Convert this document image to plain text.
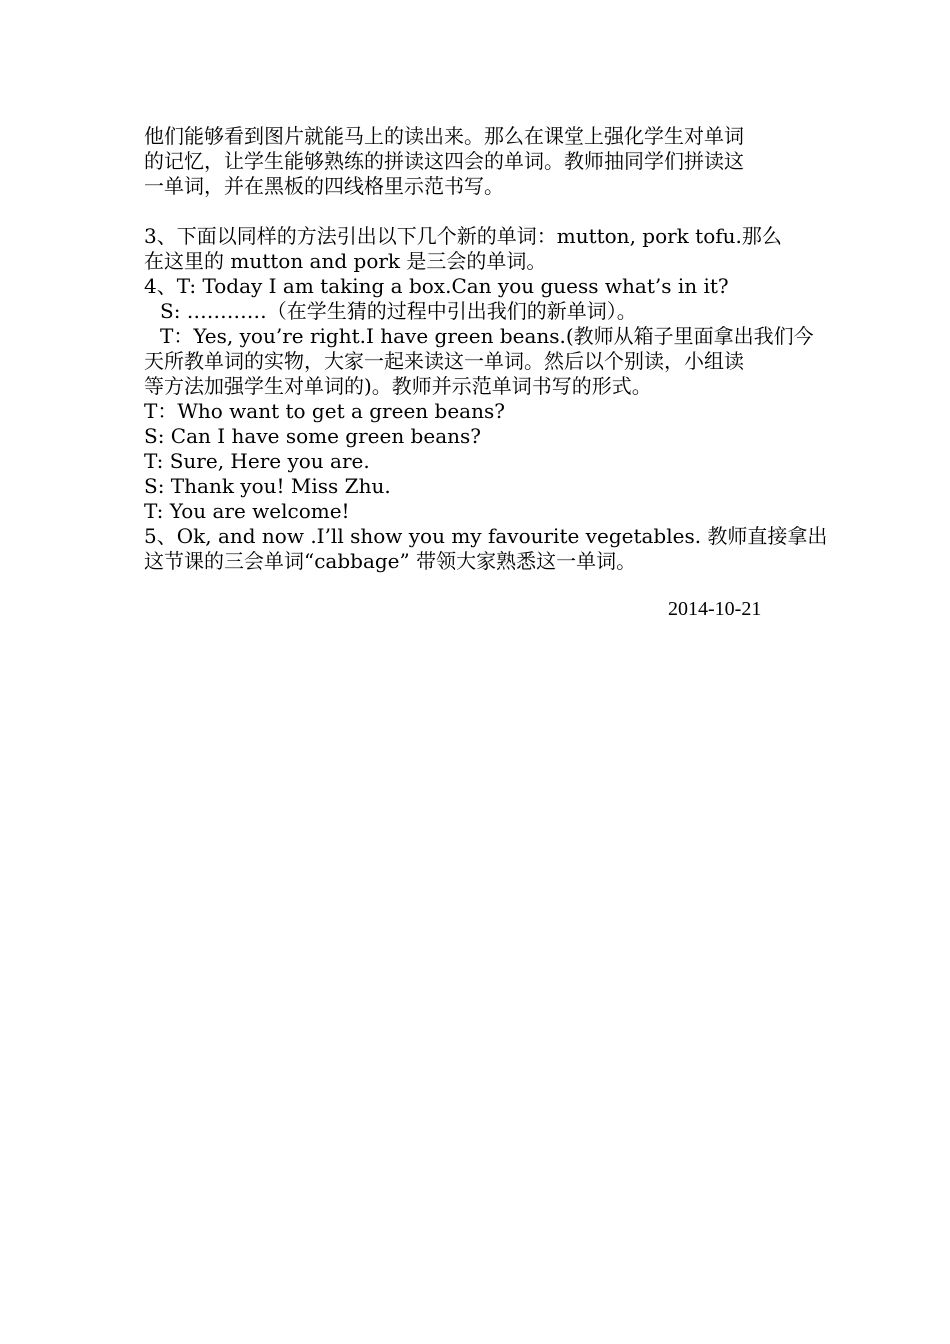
他们能够看到图片就能马上的读出来。那么在课堂上强化学生对单词
的记忆，让学生能够熟练的拼读这四会的单词。教师抽同学们拼读这
一单词，并在黑板的四线格里示范书写。
3、下面以同样的方法引出以下几个新的单词：mutton, pork tofu.那么
在这里的 mutton and pork 是三会的单词。
4、T: Today I am taking a box.Can you guess what’s in it?
S: …………（在学生猜的过程中引出我们的新单词）。
T：Yes, you’re right.I have green beans.(教师从箱子里面拿出我们今
天所教单词的实物，大家一起来读这一单词。然后以个别读，小组读
等方法加强学生对单词的)。教师并示范单词书写的形式。
T：Who want to get a green beans?
S: Can I have some green beans?
T: Sure, Here you are.
S: Thank you! Miss Zhu.
T: You are welcome!
5、Ok, and now .I’ll show you my favourite vegetables. 教师直接拿出
这节课的三会单词“cabbage” 带领大家熟悉这一单词。
2014-10-21
